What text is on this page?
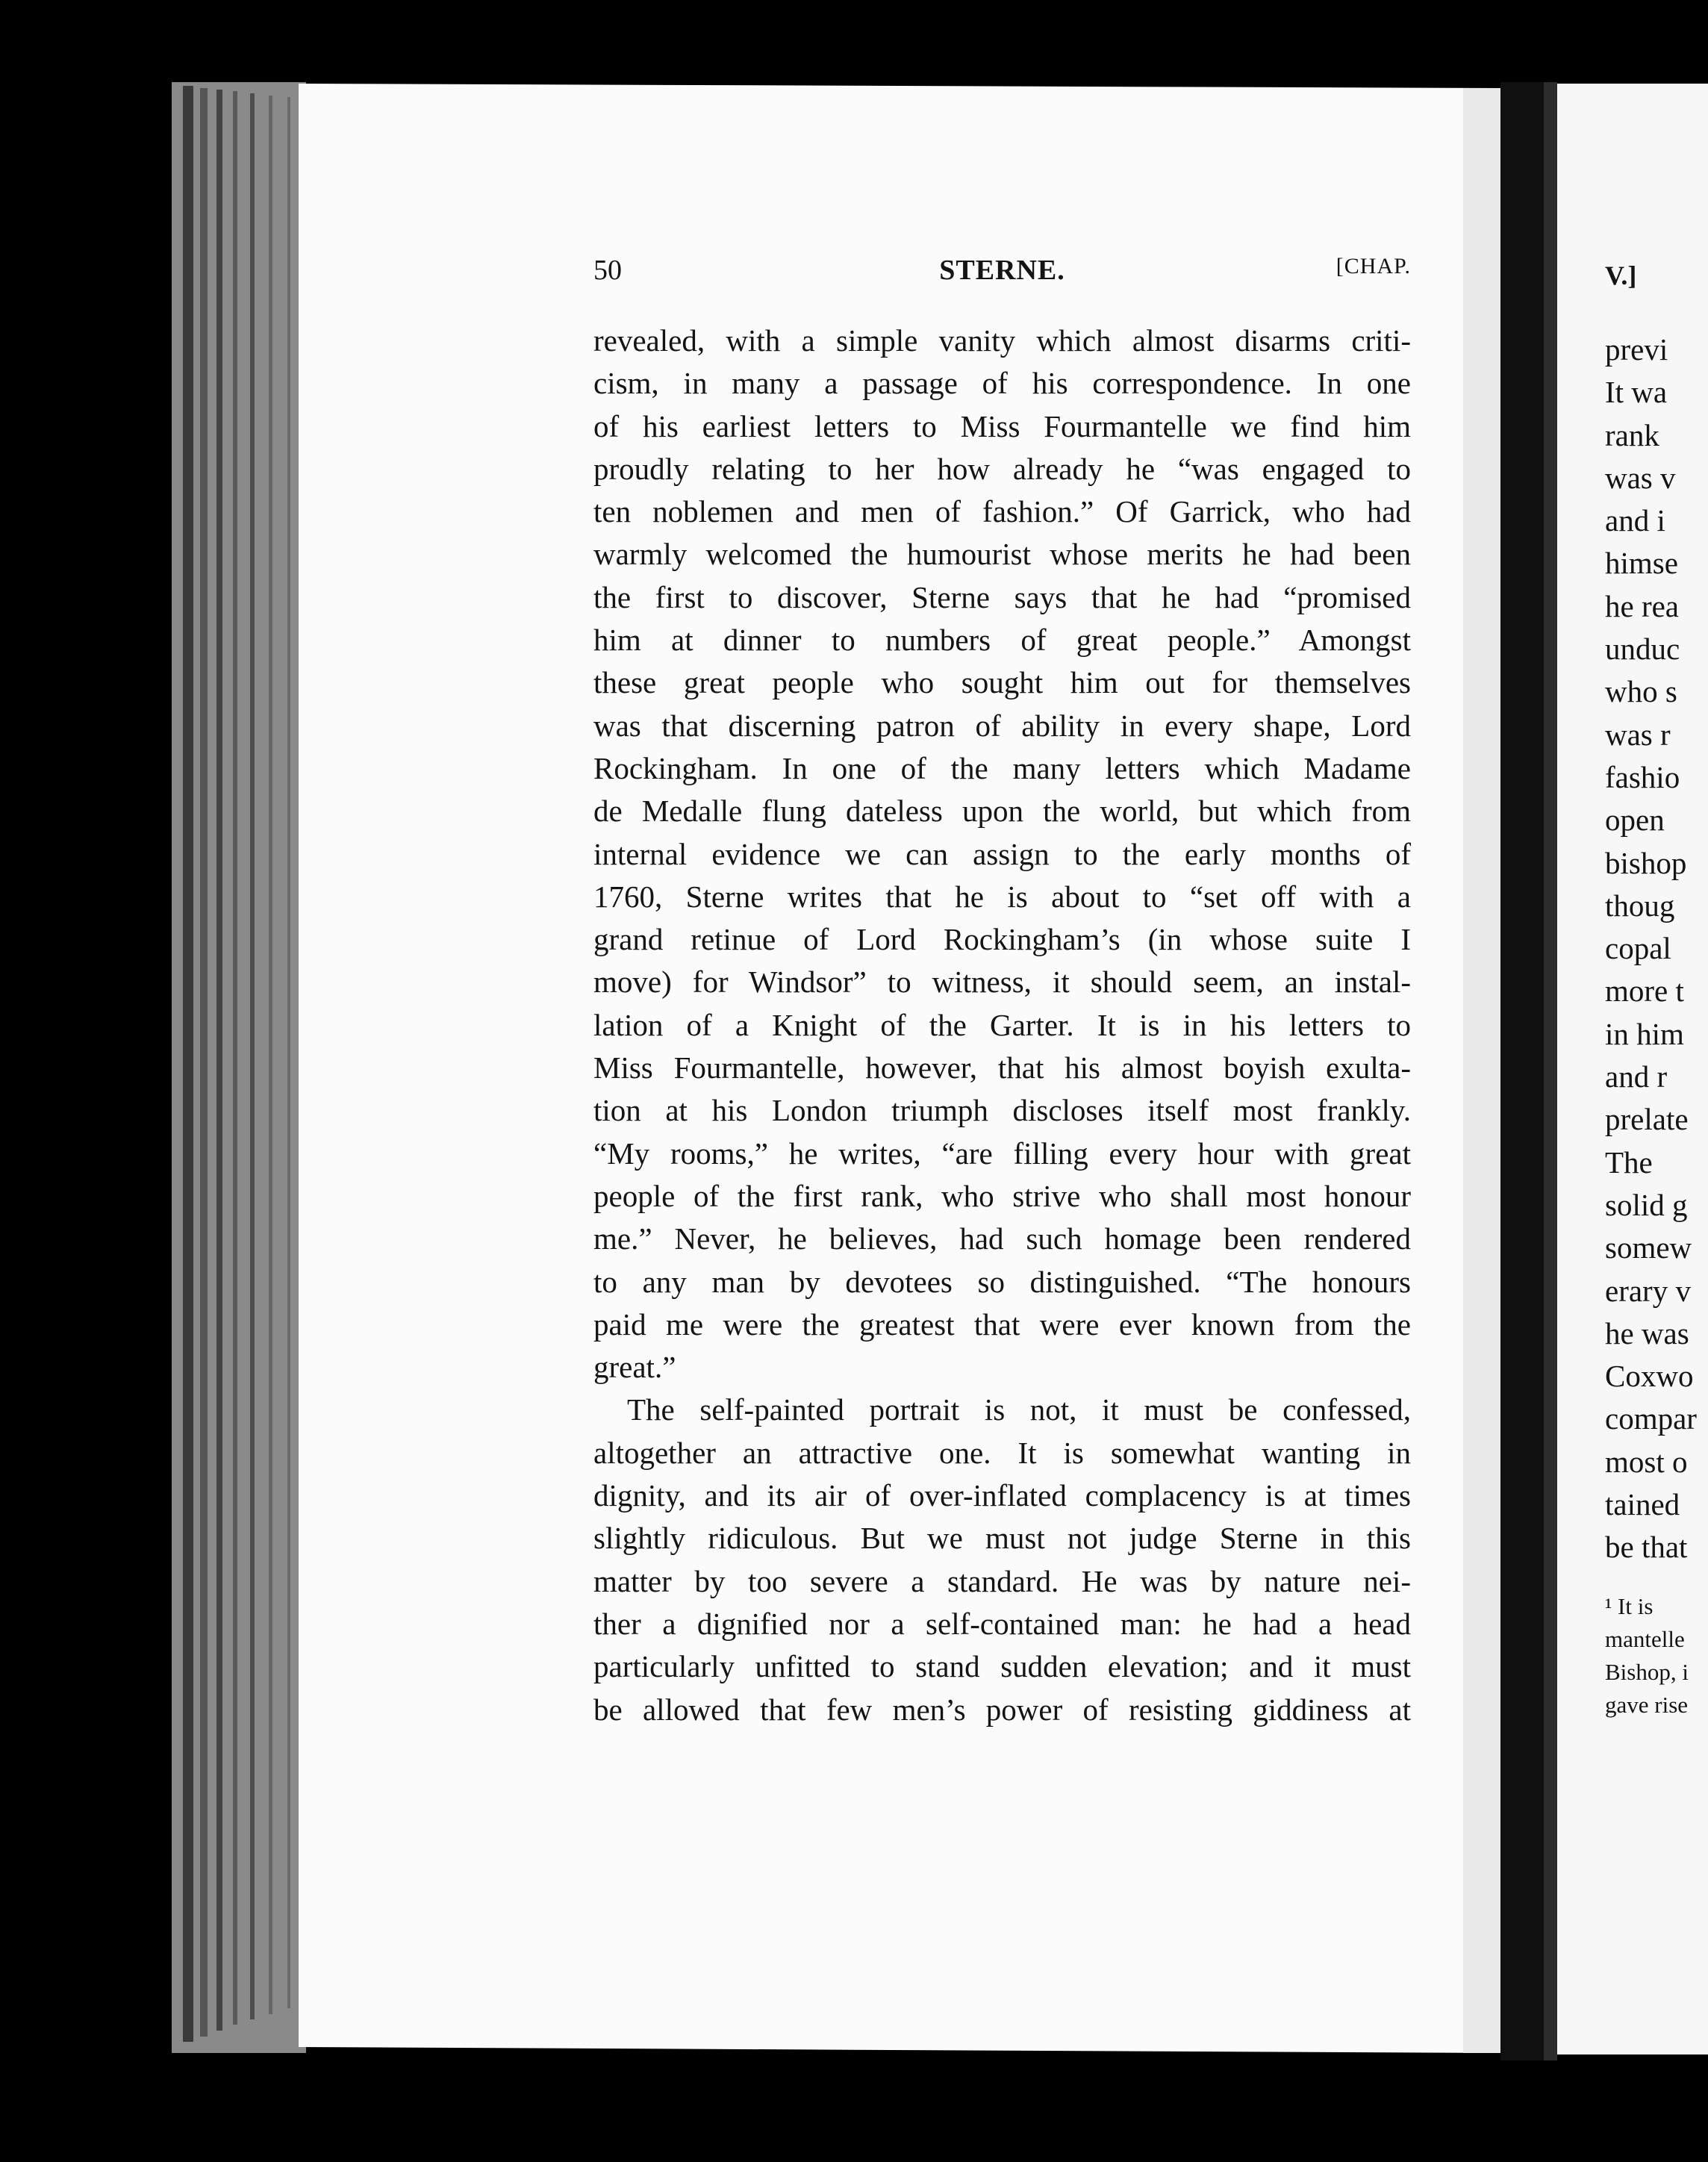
50	STERNE.	[CHAP.
revealed, with a simple vanity which almost disarms criti-
cism, in many a passage of his correspondence. In one
of his earliest letters to Miss Fourmantelle we find him
proudly relating to her how already he “was engaged to
ten noblemen and men of fashion.” Of Garrick, who had
warmly welcomed the humourist whose merits he had been
the first to discover, Sterne says that he had “promised
him at dinner to numbers of great people.” Amongst
these great people who sought him out for themselves
was that discerning patron of ability in every shape, Lord
Rockingham. In one of the many letters which Madame
de Medalle flung dateless upon the world, but which from
internal evidence we can assign to the early months of
1760, Sterne writes that he is about to “set off with a
grand retinue of Lord Rockingham’s (in whose suite I
move) for Windsor” to witness, it should seem, an instal-
lation of a Knight of the Garter. It is in his letters to
Miss Fourmantelle, however, that his almost boyish exulta-
tion at his London triumph discloses itself most frankly.
“My rooms,” he writes, “are filling every hour with great
people of the first rank, who strive who shall most honour
me.” Never, he believes, had such homage been rendered
to any man by devotees so distinguished. “The honours
paid me were the greatest that were ever known from the
great.”
The self-painted portrait is not, it must be confessed,
altogether an attractive one. It is somewhat wanting in
dignity, and its air of over-inflated complacency is at times
slightly ridiculous. But we must not judge Sterne in this
matter by too severe a standard. He was by nature nei-
ther a dignified nor a self-contained man: he had a head
particularly unfitted to stand sudden elevation; and it must
be allowed that few men’s power of resisting giddiness at
V.]
previ
It wa
rank
was v
and i
himse
he rea
unduc
who s
was r
fashio
open
bishop
thoug
copal
more t
in him
and r
prelate
The
solid g
somew
erary v
he was
Coxwo
compar
most o
tained
be that
¹ It is
mantelle
Bishop, i
gave rise
